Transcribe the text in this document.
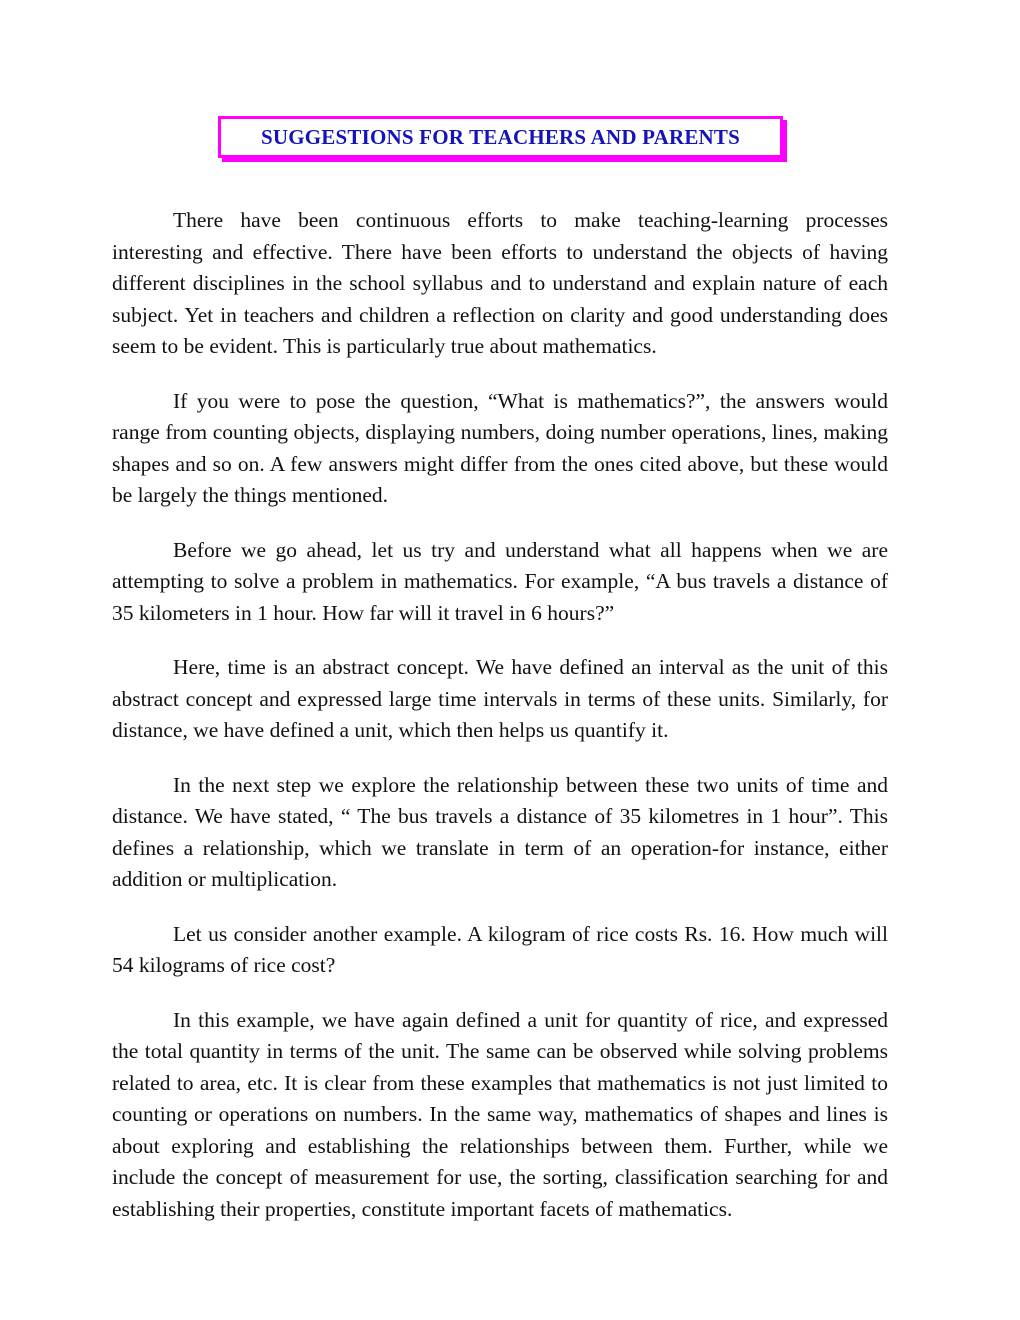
SUGGESTIONS FOR TEACHERS AND PARENTS

There have been continuous efforts to make teaching-learning processes interesting and effective. There have been efforts to understand the objects of having different disciplines in the school syllabus and to understand and explain nature of each subject. Yet in teachers and children a reflection on clarity and good understanding does seem to be evident. This is particularly true about mathematics.

If you were to pose the question, “What is mathematics?”, the answers would range from counting objects, displaying numbers, doing number operations, lines, making shapes and so on. A few answers might differ from the ones cited above, but these would be largely the things mentioned.

Before we go ahead, let us try and understand what all happens when we are attempting to solve a problem in mathematics. For example, “A bus travels a distance of 35 kilometers in 1 hour. How far will it travel in 6 hours?”

Here, time is an abstract concept. We have defined an interval as the unit of this abstract concept and expressed large time intervals in terms of these units. Similarly, for distance, we have defined a unit, which then helps us quantify it.

In the next step we explore the relationship between these two units of time and distance. We have stated, “ The bus travels a distance of 35 kilometres in 1 hour”. This defines a relationship, which we translate in term of an operation-for instance, either addition or multiplication.

Let us consider another example. A kilogram of rice costs Rs. 16. How much will 54 kilograms of rice cost?

In this example, we have again defined a unit for quantity of rice, and expressed the total quantity in terms of the unit. The same can be observed while solving problems related to area, etc. It is clear from these examples that mathematics is not just limited to counting or operations on numbers. In the same way, mathematics of shapes and lines is about exploring and establishing the relationships between them. Further, while we include the concept of measurement for use, the sorting, classification searching for and establishing their properties, constitute important facets of mathematics.
